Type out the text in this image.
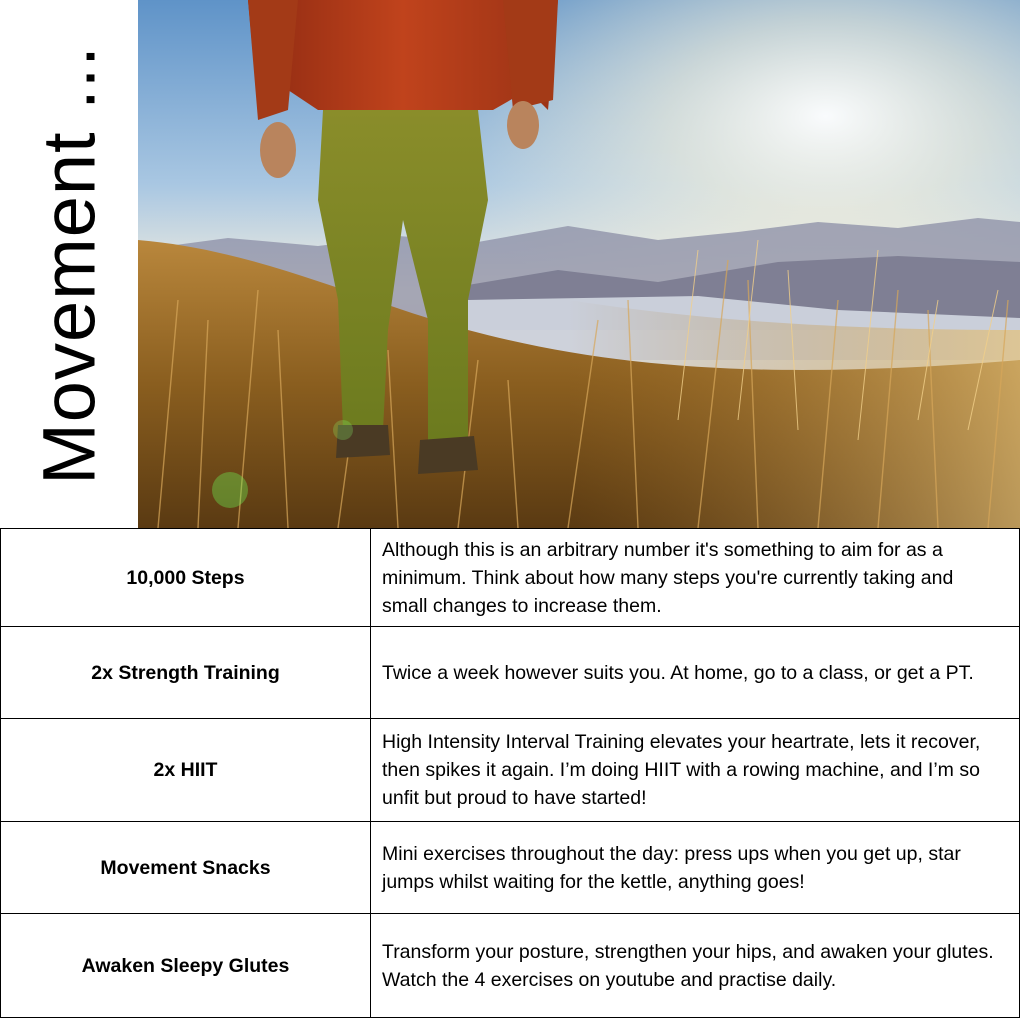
Movement ...
10,000 Steps	Although this is an arbitrary number it's something to aim for as a minimum. Think about how many steps you're currently taking and small changes to increase them.
2x Strength Training	Twice a week however suits you. At home, go to a class, or get a PT.
2x HIIT	High Intensity Interval Training elevates your heartrate, lets it recover, then spikes it again. I’m doing HIIT with a rowing machine, and I’m so unfit but proud to have started!
Movement Snacks	Mini exercises throughout the day: press ups when you get up, star jumps whilst waiting for the kettle, anything goes!
Awaken Sleepy Glutes	Transform your posture, strengthen your hips, and awaken your glutes. Watch the 4 exercises on youtube and practise daily.
